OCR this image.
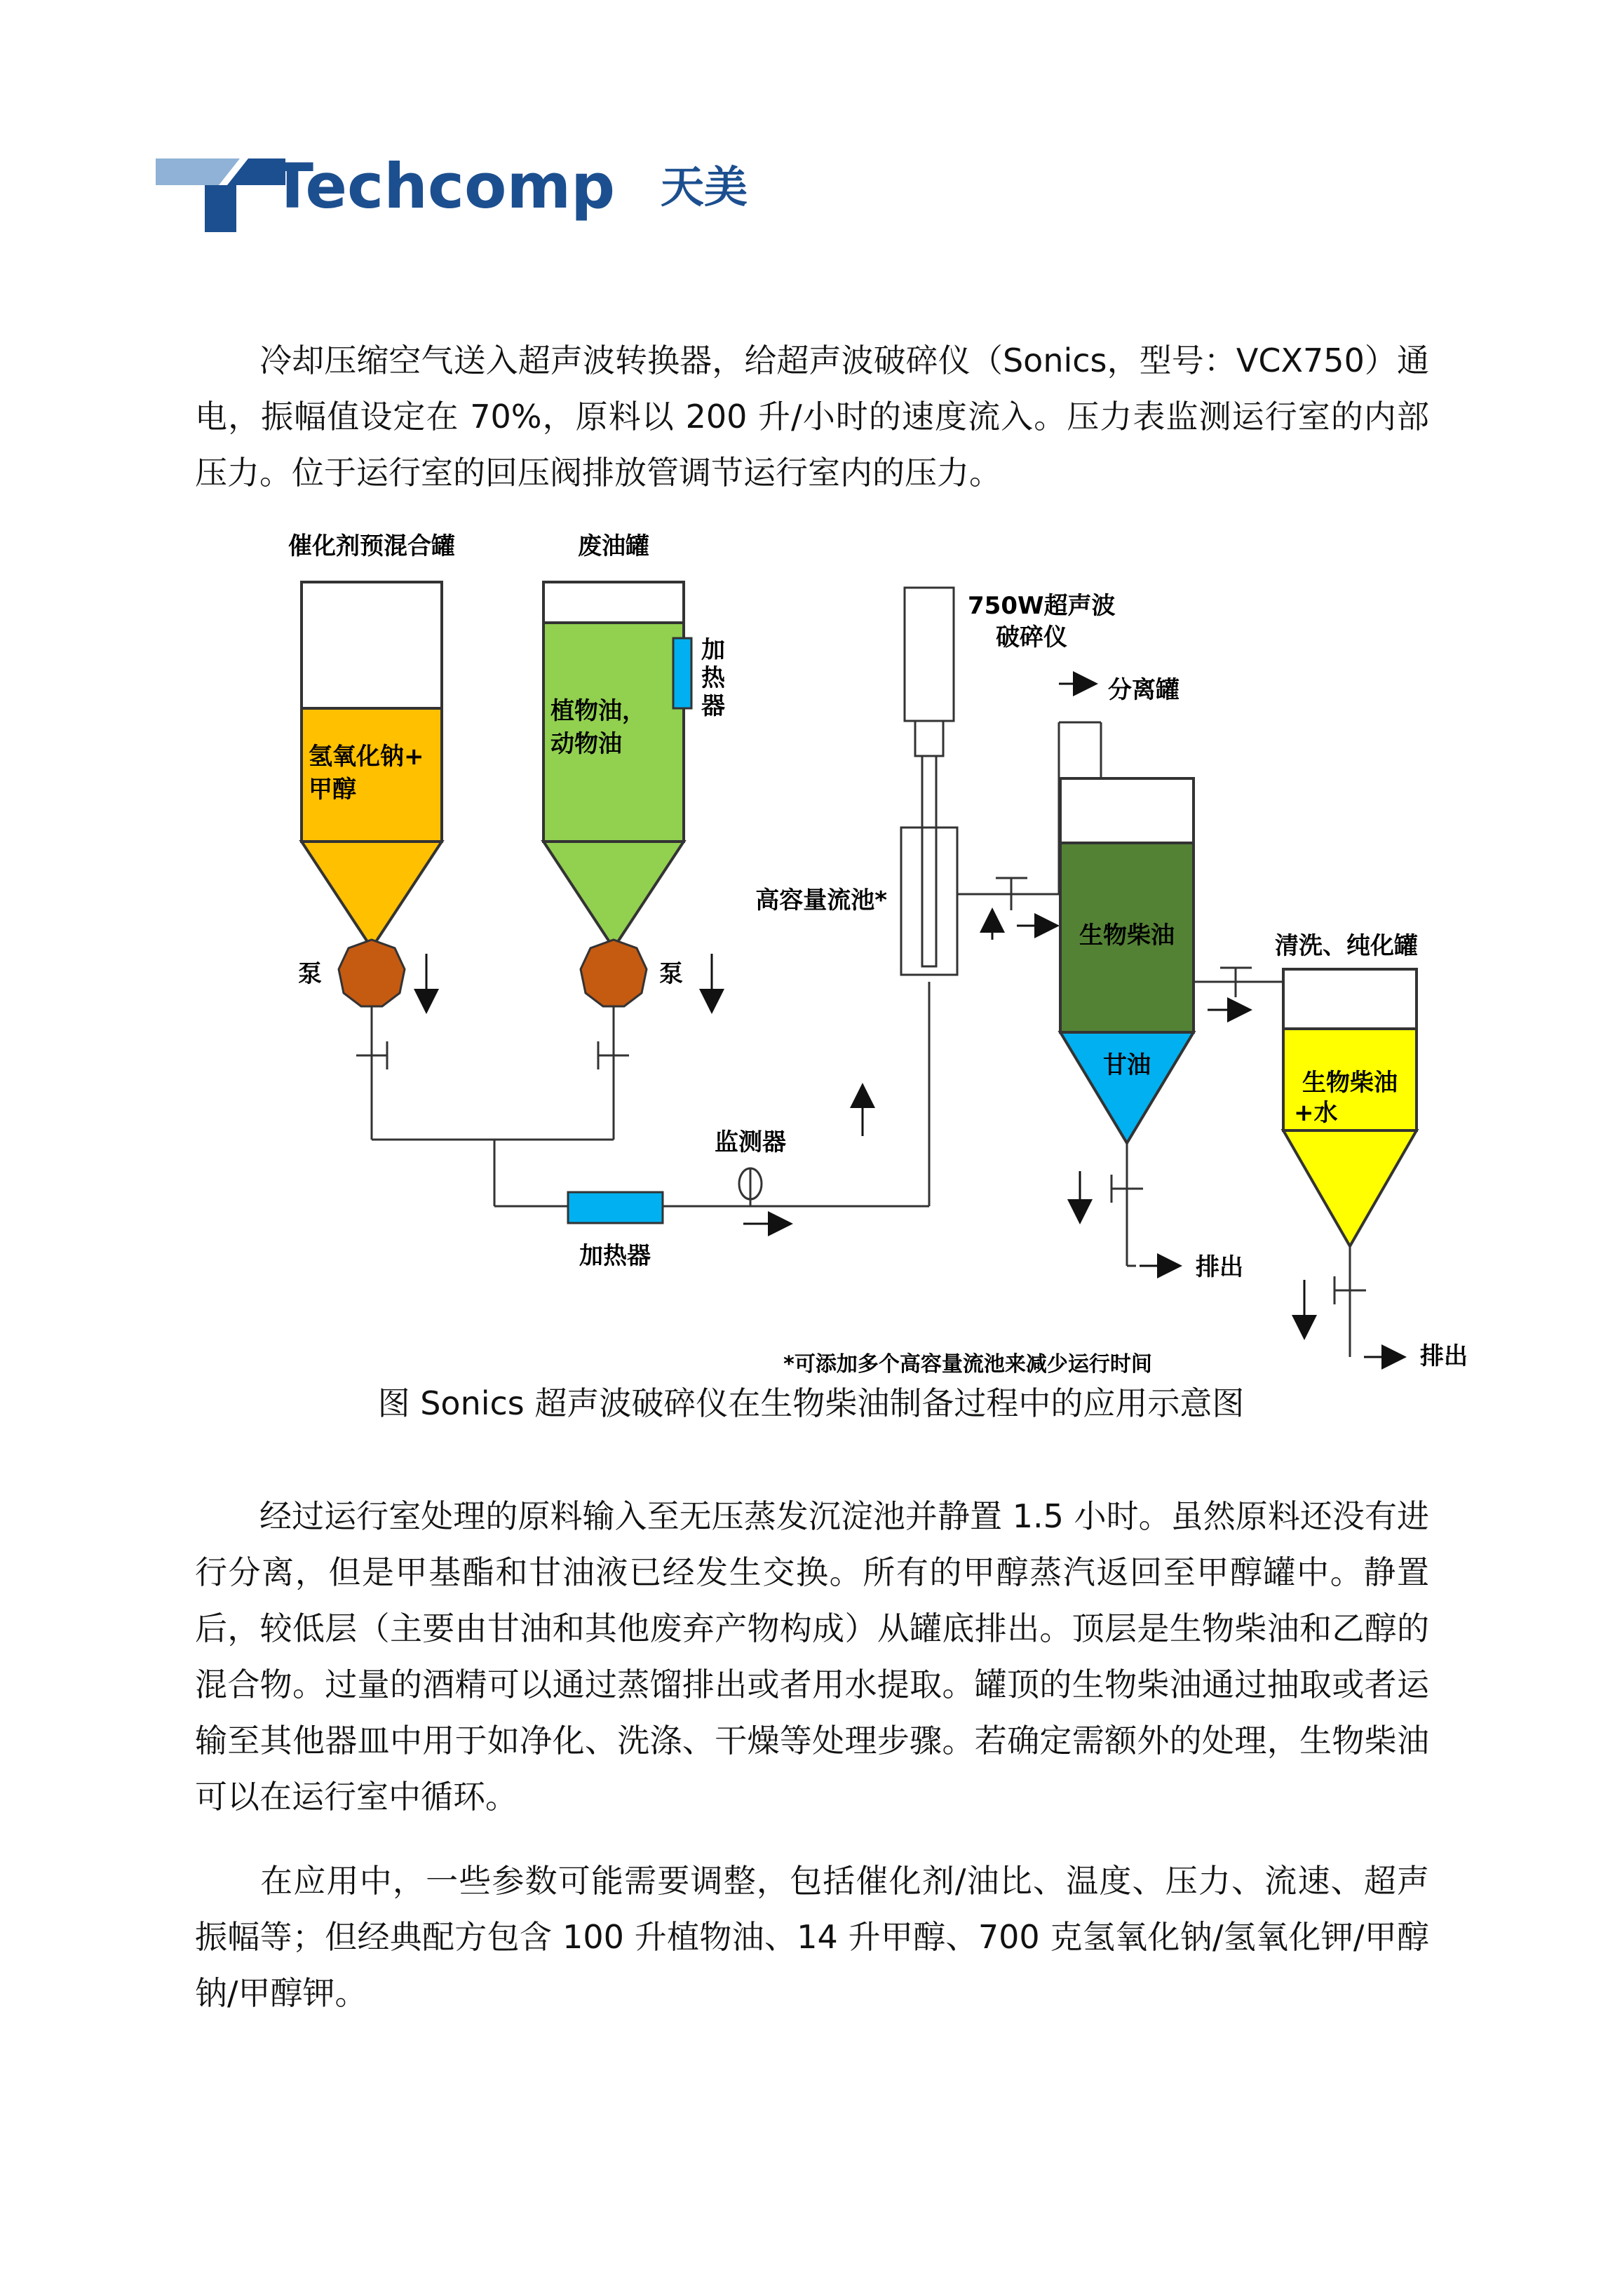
Techcomp 天美
冷却压缩空气送入超声波转换器，给超声波破碎仪（Sonics，型号：VCX750）通电，振幅值设定在 70%，原料以 200 升/小时的速度流入。压力表监测运行室的内部压力。位于运行室的回压阀排放管调节运行室内的压力。
催化剂预混合罐
氢氧化钠+
甲醇
废油罐
加
热
器
植物油，
动物油
泵	泵
加热器
监测器
750W超声波
破碎仪
高容量流池*
分离罐
生物柴油
甘油
排出
清洗、纯化罐
生物柴油
+水
排出
*可添加多个高容量流池来减少运行时间
图 Sonics 超声波破碎仪在生物柴油制备过程中的应用示意图
经过运行室处理的原料输入至无压蒸发沉淀池并静置 1.5 小时。虽然原料还没有进行分离，但是甲基酯和甘油液已经发生交换。所有的甲醇蒸汽返回至甲醇罐中。静置后，较低层（主要由甘油和其他废弃产物构成）从罐底排出。顶层是生物柴油和乙醇的混合物。过量的酒精可以通过蒸馏排出或者用水提取。罐顶的生物柴油通过抽取或者运输至其他器皿中用于如净化、洗涤、干燥等处理步骤。若确定需额外的处理，生物柴油可以在运行室中循环。
在应用中，一些参数可能需要调整，包括催化剂/油比、温度、压力、流速、超声振幅等；但经典配方包含 100 升植物油、14 升甲醇、700 克氢氧化钠/氢氧化钾/甲醇钠/甲醇钾。
